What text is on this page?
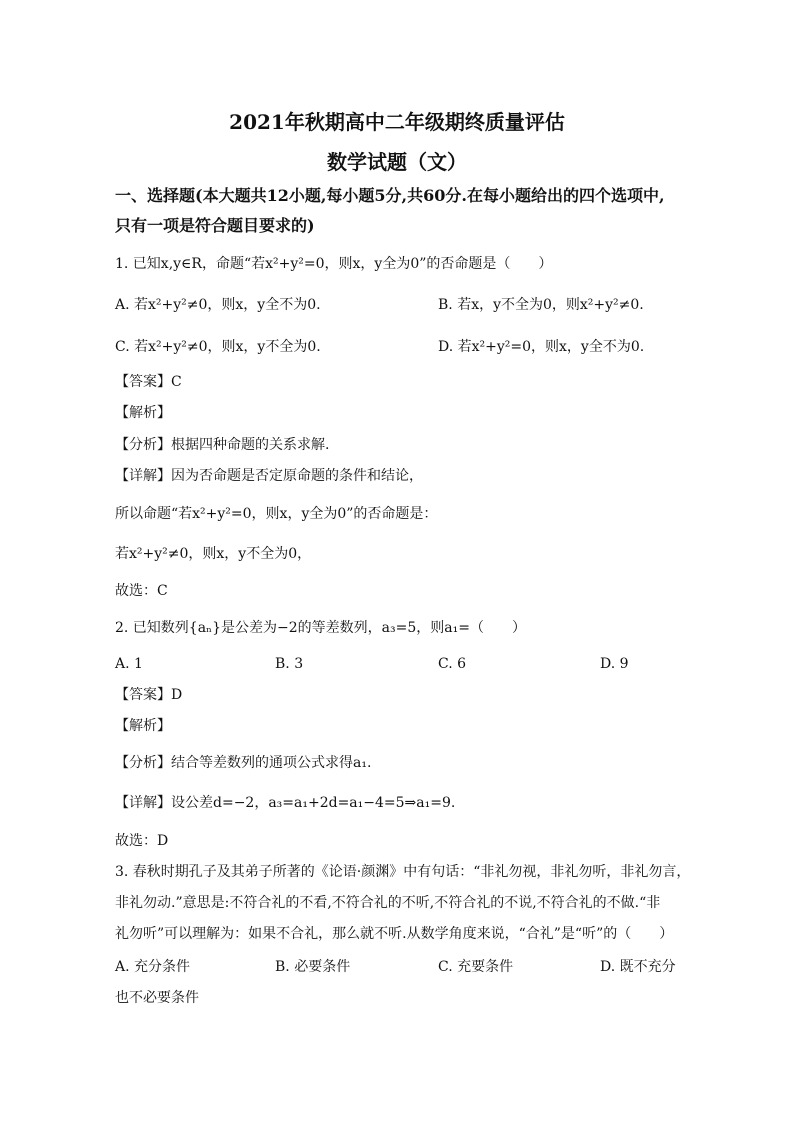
2021年秋期高中二年级期终质量评估
数学试题（文）
一、选择题(本大题共12小题,每小题5分,共60分.在每小题给出的四个选项中,
只有一项是符合题目要求的)
1. 已知x,y∈R，命题“若x²+y²=0，则x，y全为0”的否命题是（　　）
A. 若x²+y²≠0，则x，y全不为0.	B. 若x，y不全为0，则x²+y²≠0.
C. 若x²+y²≠0，则x，y不全为0.	D. 若x²+y²=0，则x，y全不为0.
【答案】C
【解析】
【分析】根据四种命题的关系求解.
【详解】因为否命题是否定原命题的条件和结论，
所以命题“若x²+y²=0，则x，y全为0”的否命题是：
若x²+y²≠0，则x，y不全为0，
故选：C
2. 已知数列{aₙ}是公差为−2的等差数列，a₃=5，则a₁=（　　）
A. 1	B. 3	C. 6	D. 9
【答案】D
【解析】
【分析】结合等差数列的通项公式求得a₁.
【详解】设公差d=−2，a₃=a₁+2d=a₁−4=5⇒a₁=9.
故选：D
3. 春秋时期孔子及其弟子所著的《论语·颜渊》中有句话：“非礼勿视，非礼勿听，非礼勿言，
非礼勿动.”意思是:不符合礼的不看,不符合礼的不听,不符合礼的不说,不符合礼的不做.“非
礼勿听”可以理解为：如果不合礼，那么就不听.从数学角度来说，“合礼”是“听”的（　　）
A. 充分条件	B. 必要条件	C. 充要条件	D. 既不充分
也不必要条件
